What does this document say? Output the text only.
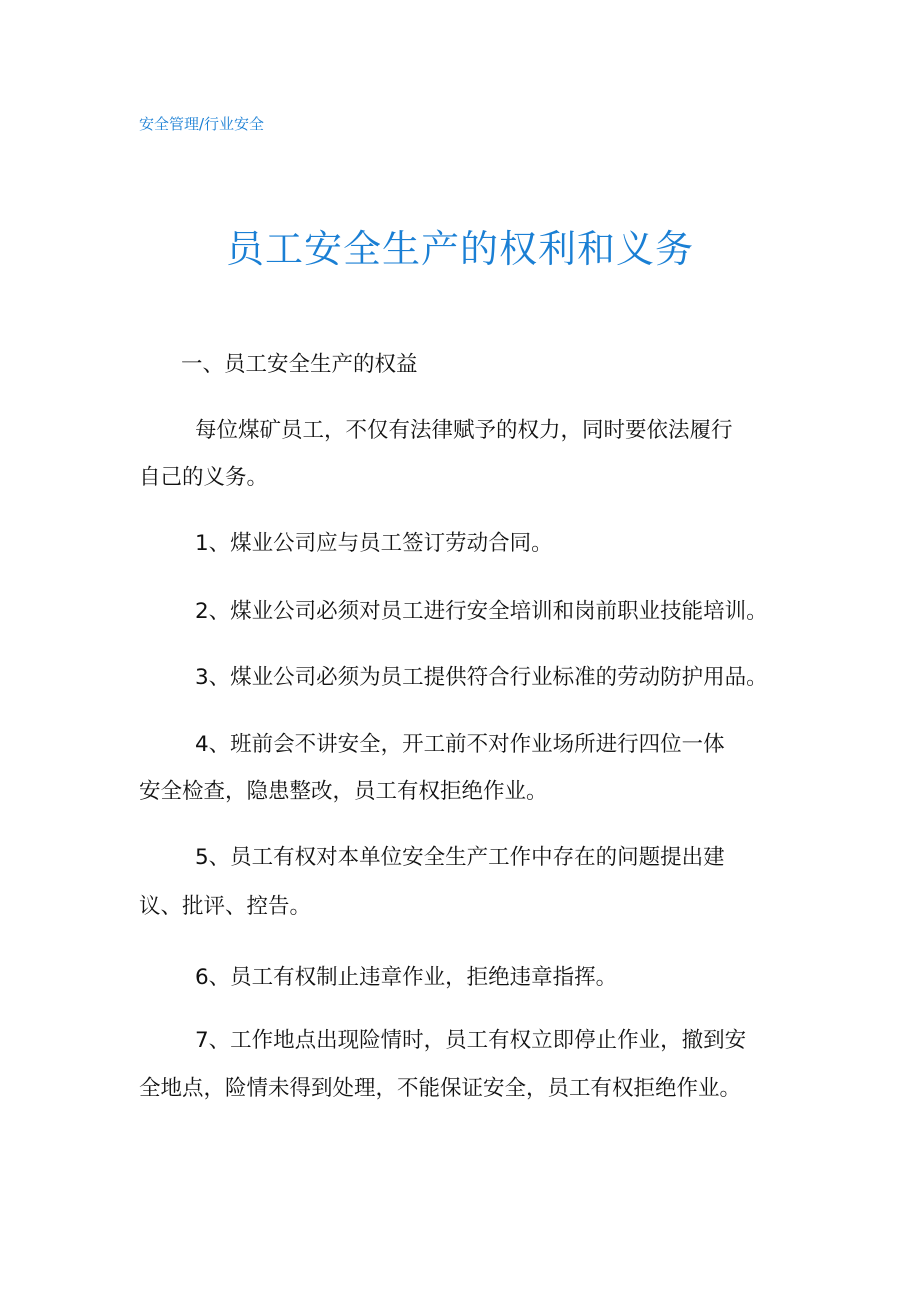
安全管理/行业安全
员工安全生产的权利和义务
一、员工安全生产的权益
每位煤矿员工，不仅有法律赋予的权力，同时要依法履行
自己的义务。
1、煤业公司应与员工签订劳动合同。
2、煤业公司必须对员工进行安全培训和岗前职业技能培训。
3、煤业公司必须为员工提供符合行业标准的劳动防护用品。
4、班前会不讲安全，开工前不对作业场所进行四位一体
安全检查，隐患整改，员工有权拒绝作业。
5、员工有权对本单位安全生产工作中存在的问题提出建
议、批评、控告。
6、员工有权制止违章作业，拒绝违章指挥。
7、工作地点出现险情时，员工有权立即停止作业，撤到安
全地点，险情未得到处理，不能保证安全，员工有权拒绝作业。
